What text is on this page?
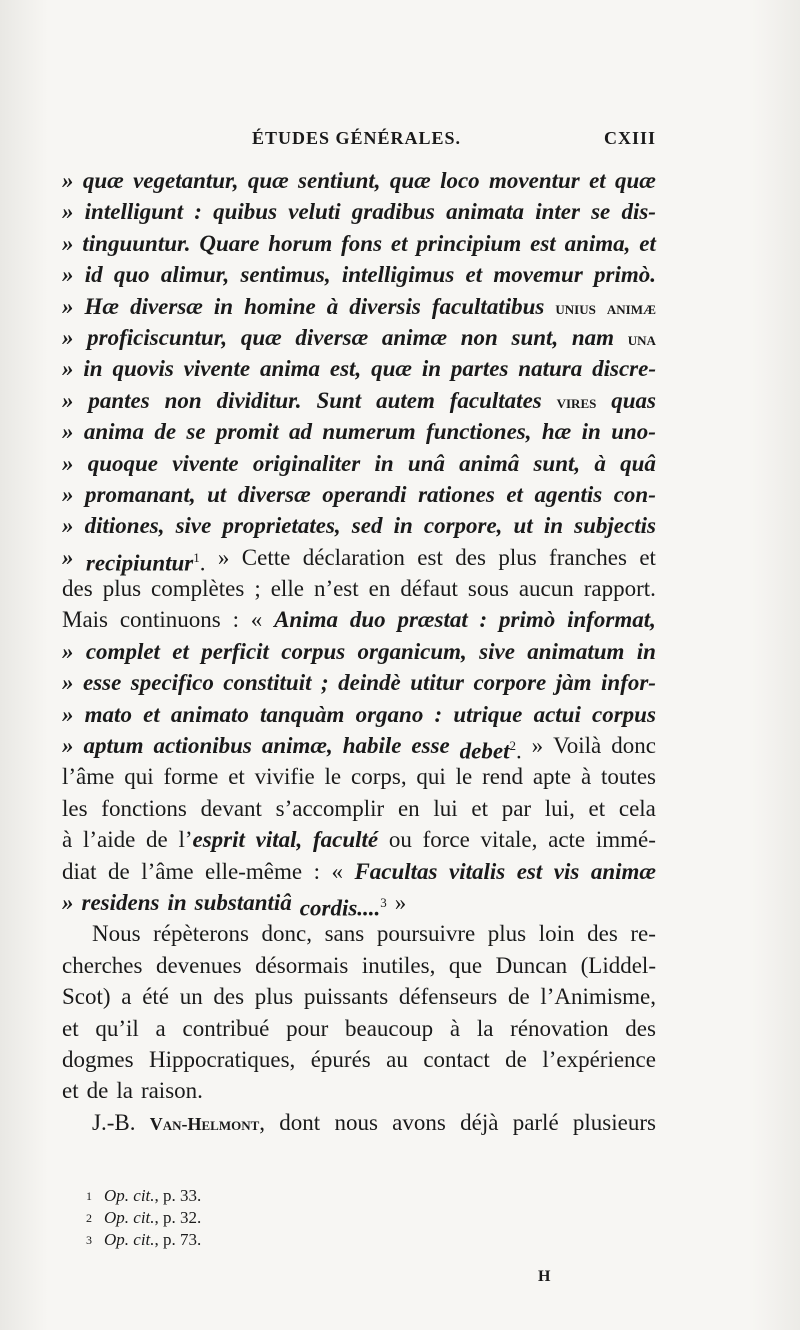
ÉTUDES GÉNÉRALES.	CXIII
» quæ vegetantur, quæ sentiunt, quæ loco moventur et quæ
» intelligunt : quibus veluti gradibus animata inter se dis-
» tinguuntur. Quare horum fons et principium est anima, et
» id quo alimur, sentimus, intelligimus et movemur primò.
» Hæ diversæ in homine à diversis facultatibus unius animæ
» proficiscuntur, quæ diversæ animæ non sunt, nam una
» in quovis vivente anima est, quæ in partes natura discre-
» pantes non dividitur. Sunt autem facultates vires quas
» anima de se promit ad numerum functiones, hæ in uno-
» quoque vivente originaliter in unâ animâ sunt, à quâ
» promanant, ut diversæ operandi rationes et agentis con-
» ditiones, sive proprietates, sed in corpore, ut in subjectis
» recipiuntur$^1$. » Cette déclaration est des plus franches et
des plus complètes ; elle n’est en défaut sous aucun rapport.
Mais continuons : « Anima duo præstat : primò informat,
» complet et perficit corpus organicum, sive animatum in
» esse specifico constituit ; deindè utitur corpore jàm infor-
» mato et animato tanquàm organo : utrique actui corpus
» aptum actionibus animæ, habile esse debet$^2$. » Voilà donc
l’âme qui forme et vivifie le corps, qui le rend apte à toutes
les fonctions devant s’accomplir en lui et par lui, et cela
à l’aide de l’esprit vital, faculté ou force vitale, acte immé-
diat de l’âme elle-même : « Facultas vitalis est vis animæ
» residens in substantiâ cordis....$^3$ »
Nous répèterons donc, sans poursuivre plus loin des re-
cherches devenues désormais inutiles, que Duncan (Liddel-
Scot) a été un des plus puissants défenseurs de l’Animisme,
et qu’il a contribué pour beaucoup à la rénovation des
dogmes Hippocratiques, épurés au contact de l’expérience
et de la raison.
J.-B. Van-Helmont, dont nous avons déjà parlé plusieurs
1 Op. cit., p. 33.
2 Op. cit., p. 32.
3 Op. cit., p. 73.
H
